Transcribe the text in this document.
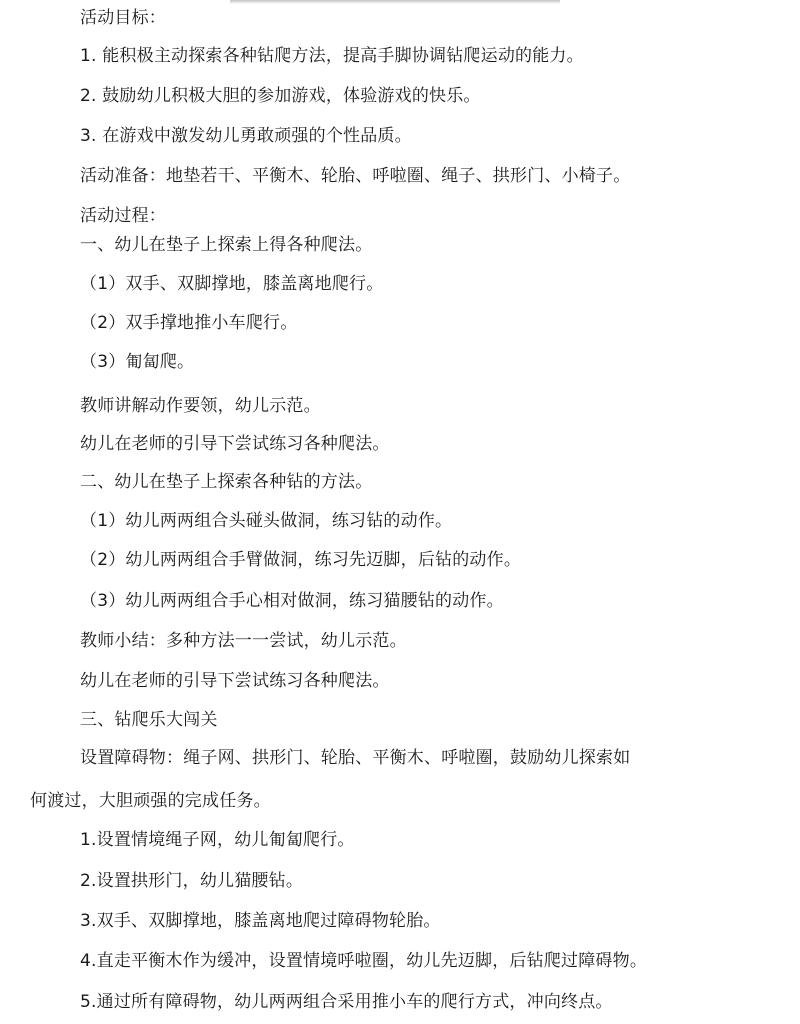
活动目标：
1. 能积极主动探索各种钻爬方法，提高手脚协调钻爬运动的能力。
2. 鼓励幼儿积极大胆的参加游戏，体验游戏的快乐。
3. 在游戏中激发幼儿勇敢顽强的个性品质。
活动准备：地垫若干、平衡木、轮胎、呼啦圈、绳子、拱形门、小椅子。
活动过程：
一、幼儿在垫子上探索上得各种爬法。
（1）双手、双脚撑地，膝盖离地爬行。
（2）双手撑地推小车爬行。
（3）匍匐爬。
教师讲解动作要领，幼儿示范。
幼儿在老师的引导下尝试练习各种爬法。
二、幼儿在垫子上探索各种钻的方法。
（1）幼儿两两组合头碰头做洞，练习钻的动作。
（2）幼儿两两组合手臂做洞，练习先迈脚，后钻的动作。
（3）幼儿两两组合手心相对做洞，练习猫腰钻的动作。
教师小结：多种方法一一尝试，幼儿示范。
幼儿在老师的引导下尝试练习各种爬法。
三、钻爬乐大闯关
设置障碍物：绳子网、拱形门、轮胎、平衡木、呼啦圈，鼓励幼儿探索如
何渡过，大胆顽强的完成任务。
1.设置情境绳子网，幼儿匍匐爬行。
2.设置拱形门，幼儿猫腰钻。
3.双手、双脚撑地，膝盖离地爬过障碍物轮胎。
4.直走平衡木作为缓冲，设置情境呼啦圈，幼儿先迈脚，后钻爬过障碍物。
5.通过所有障碍物，幼儿两两组合采用推小车的爬行方式，冲向终点。
